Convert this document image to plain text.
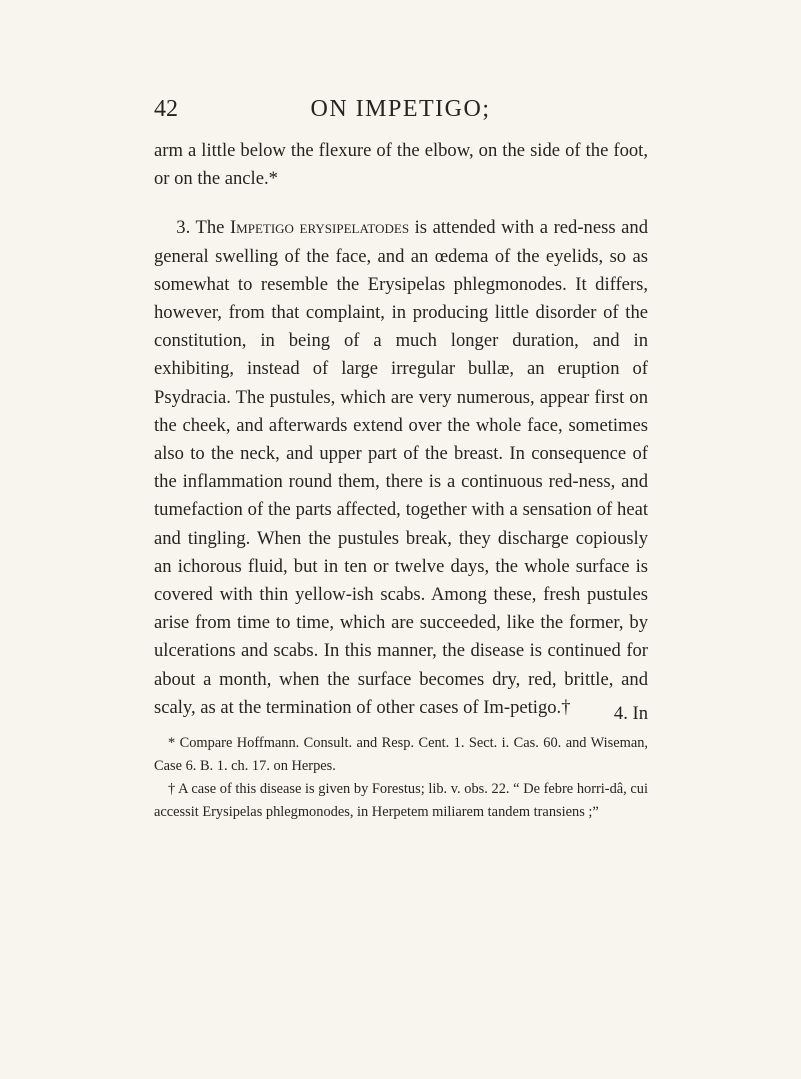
42	ON IMPETIGO;

arm a little below the flexure of the elbow, on the side of the foot, or on the ancle.*

3. The Impetigo erysipelatodes is attended with a red-ness and general swelling of the face, and an œdema of the eyelids, so as somewhat to resemble the Erysipelas phlegmonodes. It differs, however, from that complaint, in producing little disorder of the constitution, in being of a much longer duration, and in exhibiting, instead of large irregular bullæ, an eruption of Psydracia. The pustules, which are very numerous, appear first on the cheek, and afterwards extend over the whole face, sometimes also to the neck, and upper part of the breast. In consequence of the inflammation round them, there is a continuous red-ness, and tumefaction of the parts affected, together with a sensation of heat and tingling. When the pustules break, they discharge copiously an ichorous fluid, but in ten or twelve days, the whole surface is covered with thin yellow-ish scabs. Among these, fresh pustules arise from time to time, which are succeeded, like the former, by ulcerations and scabs. In this manner, the disease is continued for about a month, when the surface becomes dry, red, brittle, and scaly, as at the termination of other cases of Im-petigo.†	4. In

* Compare Hoffmann. Consult. and Resp. Cent. 1. Sect. i. Cas. 60. and Wiseman, Case 6. B. 1. ch. 17. on Herpes.

† A case of this disease is given by Forestus; lib. v. obs. 22. “ De febre horri-dâ, cui accessit Erysipelas phlegmonodes, in Herpetem miliarem tandem transiens ;”
